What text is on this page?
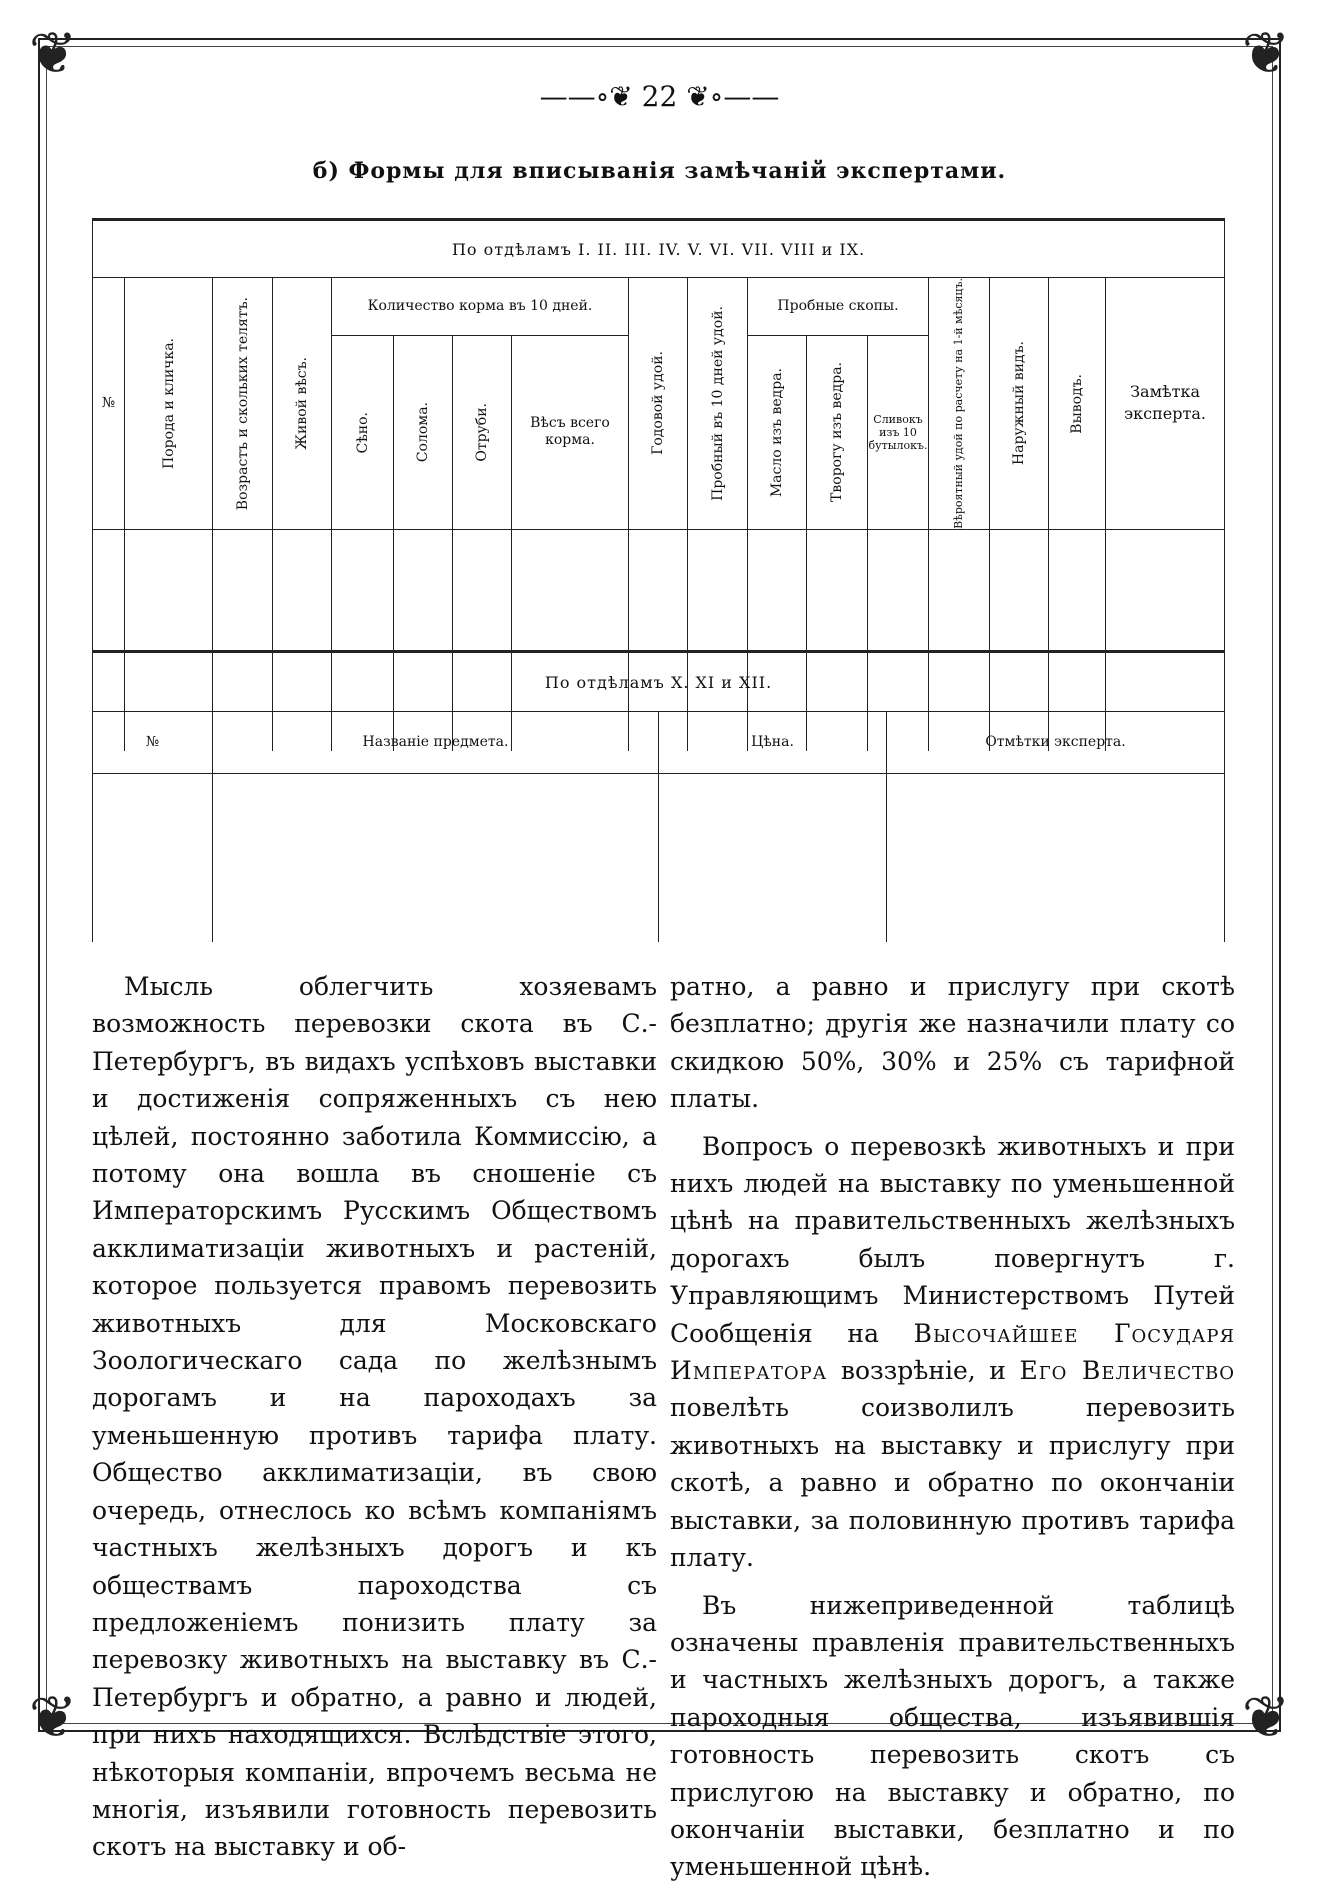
❦	❦
❦	❦
——∘❦ 22 ❦∘——
б) Формы для вписыванія замѣчаній экспертами.
По отдѣламъ I. II. III. IV. V. VI. VII. VIII и IX.																
№	Порода и кличка.	Возрастъ и скольких телятъ.	Живой вѣсъ.	Количество корма въ 10 дней.				Годовой удой.	Пробный въ 10 дней удой.	Пробные скопы.			Вѣроятный удой по расчету на 1-й мѣсяцъ.	Наружный видъ.	Выводъ.	Замѣтка эксперта.

				Сѣно.	Солома.	Отруби.	Вѣсъ всего корма.			Масло изъ ведра.	Творогу изъ ведра.	Сливокъ изъ 10 бутылокъ.				

По отдѣламъ X. XI и XII.			
№	Названіе предмета.	Цѣна.	Отмѣтки эксперта.

Мысль облегчить хозяевамъ возможность перевозки скота въ С.-Петербургъ, въ видахъ успѣховъ выставки и достиженія сопряженныхъ съ нею цѣлей, постоянно заботила Коммиссію, а потому она вошла въ сношеніе съ Императорскимъ Русскимъ Обществомъ акклиматизаціи животныхъ и растеній, которое пользуется правомъ перевозить животныхъ для Московскаго Зоологическаго сада по желѣзнымъ дорогамъ и на пароходахъ за уменьшенную противъ тарифа плату. Общество акклиматизаціи, въ свою очередь, отнеслось ко всѣмъ компаніямъ частныхъ желѣзныхъ дорогъ и къ обществамъ пароходства съ предложеніемъ понизить плату за перевозку животныхъ на выставку въ С.-Петербургъ и обратно, а равно и людей, при нихъ находящихся. Вслѣдствіе этого, нѣкоторыя компаніи, впрочемъ весьма не многія, изъявили готовность перевозить скотъ на выставку и об-

ратно, а равно и прислугу при скотѣ безплатно; другія же назначили плату со скидкою 50%, 30% и 25% съ тарифной платы.

Вопросъ о перевозкѣ животныхъ и при нихъ людей на выставку по уменьшенной цѣнѣ на правительственныхъ желѣзныхъ дорогахъ былъ повергнутъ г. Управляющимъ Министерствомъ Путей Сообщенія на Высочайшее Государя Императора воззрѣніе, и Его Величество повелѣть соизволилъ перевозить животныхъ на выставку и прислугу при скотѣ, а равно и обратно по окончаніи выставки, за половинную противъ тарифа плату.

Въ нижеприведенной таблицѣ означены правленія правительственныхъ и частныхъ желѣзныхъ дорогъ, а также пароходныя общества, изъявившія готовность перевозить скотъ съ прислугою на выставку и обратно, по окончаніи выставки, безплатно и по уменьшенной цѣнѣ.
